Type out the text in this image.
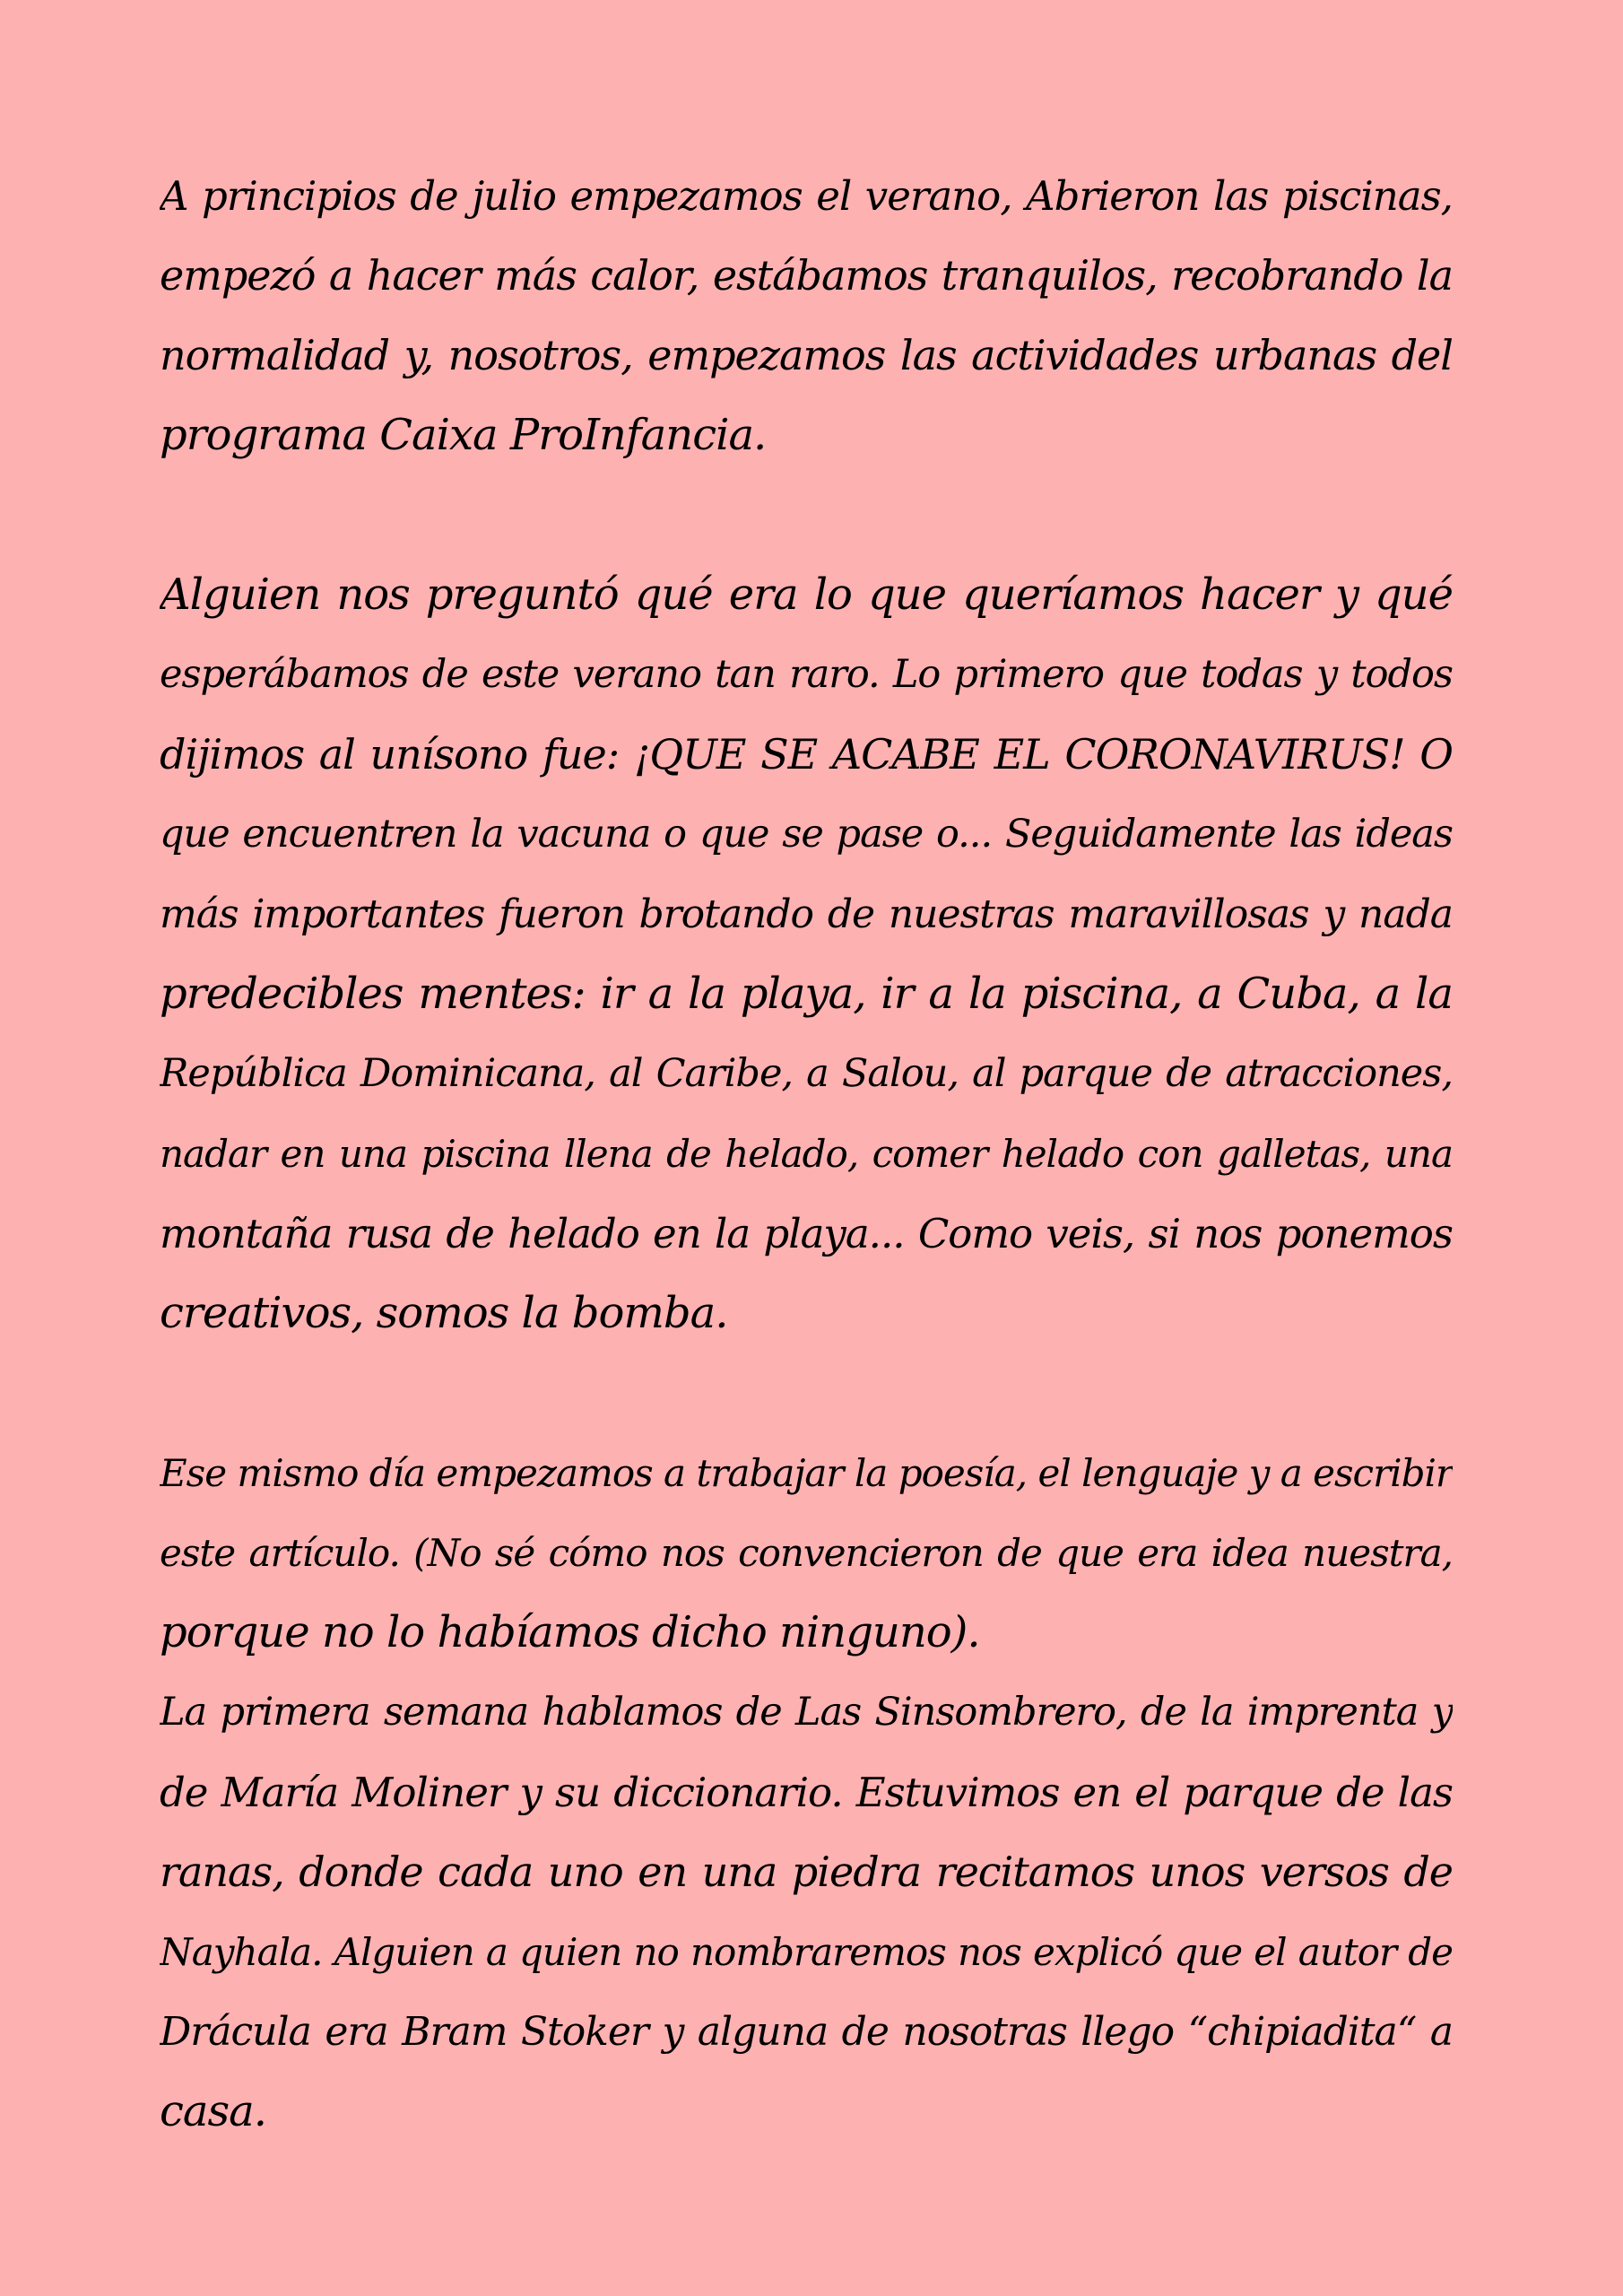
A principios de julio empezamos el verano, Abrieron las piscinas,
empezó a hacer más calor, estábamos tranquilos, recobrando la
normalidad y, nosotros, empezamos las actividades urbanas del
programa Caixa ProInfancia.
Alguien nos preguntó qué era lo que queríamos hacer y qué
esperábamos de este verano tan raro. Lo primero que todas y todos
dijimos al unísono fue: ¡QUE SE ACABE EL CORONAVIRUS! O
que encuentren la vacuna o que se pase o... Seguidamente las ideas
más importantes fueron brotando de nuestras maravillosas y nada
predecibles mentes: ir a la playa, ir a la piscina, a Cuba, a la
República Dominicana, al Caribe, a Salou, al parque de atracciones,
nadar en una piscina llena de helado, comer helado con galletas, una
montaña rusa de helado en la playa... Como veis, si nos ponemos
creativos, somos la bomba.
Ese mismo día empezamos a trabajar la poesía, el lenguaje y a escribir
este artículo. (No sé cómo nos convencieron de que era idea nuestra,
porque no lo habíamos dicho ninguno).
La primera semana hablamos de Las Sinsombrero, de la imprenta y
de María Moliner y su diccionario. Estuvimos en el parque de las
ranas, donde cada uno en una piedra recitamos unos versos de
Nayhala. Alguien a quien no nombraremos nos explicó que el autor de
Drácula era Bram Stoker y alguna de nosotras llego “chipiadita“ a
casa.
